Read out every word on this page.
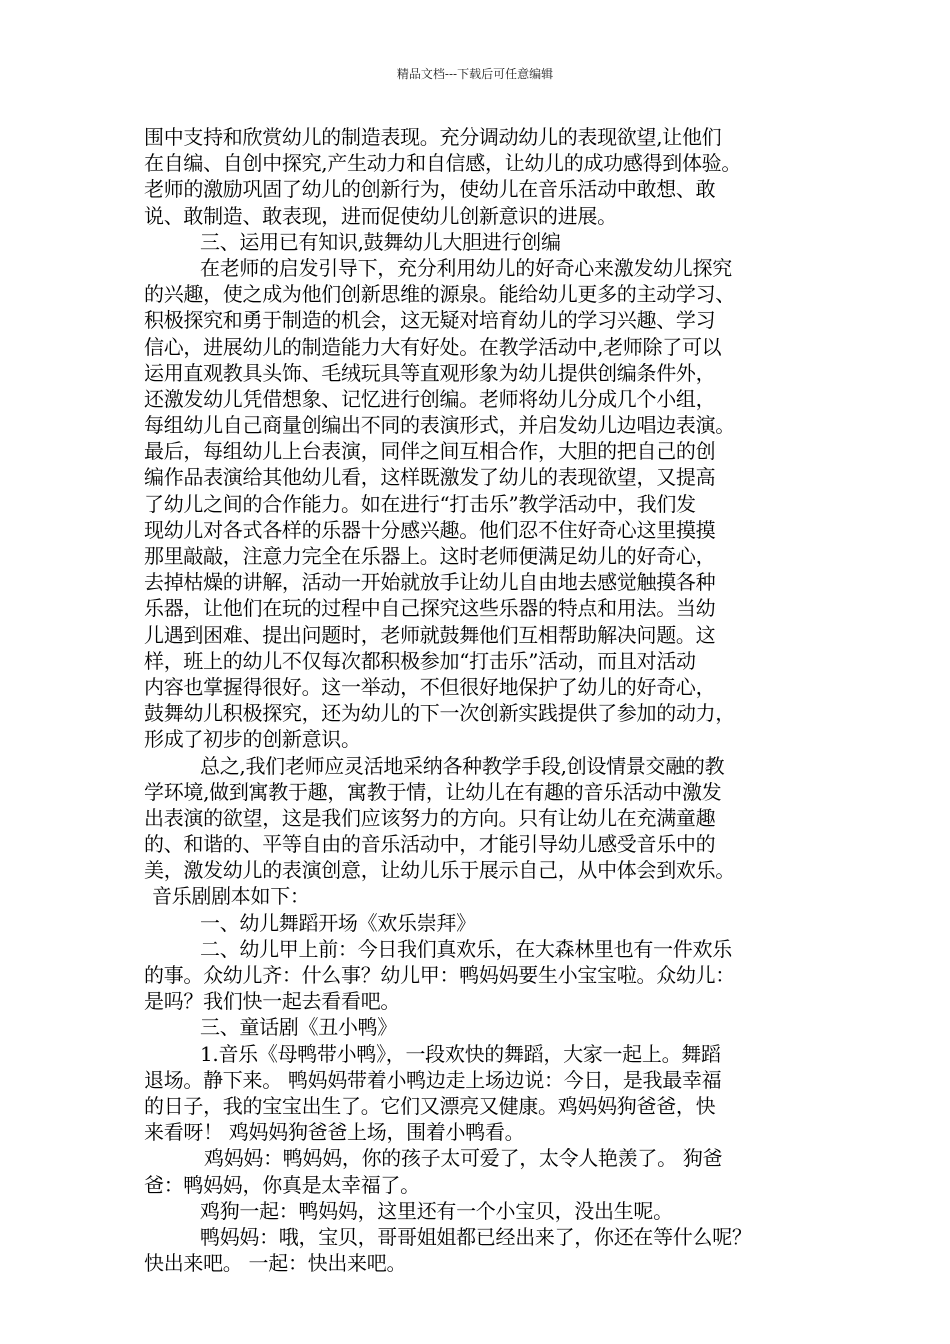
精品文档---下载后可任意编辑
围中支持和欣赏幼儿的制造表现。充分调动幼儿的表现欲望,让他们
在自编、自创中探究,产生动力和自信感，让幼儿的成功感得到体验。
老师的激励巩固了幼儿的创新行为，使幼儿在音乐活动中敢想、敢
说、敢制造、敢表现，进而促使幼儿创新意识的进展。
三、运用已有知识,鼓舞幼儿大胆进行创编
在老师的启发引导下，充分利用幼儿的好奇心来激发幼儿探究
的兴趣，使之成为他们创新思维的源泉。能给幼儿更多的主动学习、
积极探究和勇于制造的机会，这无疑对培育幼儿的学习兴趣、学习
信心，进展幼儿的制造能力大有好处。在教学活动中,老师除了可以
运用直观教具头饰、毛绒玩具等直观形象为幼儿提供创编条件外，
还激发幼儿凭借想象、记忆进行创编。老师将幼儿分成几个小组，
每组幼儿自己商量创编出不同的表演形式，并启发幼儿边唱边表演。
最后，每组幼儿上台表演，同伴之间互相合作，大胆的把自己的创
编作品表演给其他幼儿看，这样既激发了幼儿的表现欲望，又提高
了幼儿之间的合作能力。如在进行“打击乐”教学活动中，我们发
现幼儿对各式各样的乐器十分感兴趣。他们忍不住好奇心这里摸摸
那里敲敲，注意力完全在乐器上。这时老师便满足幼儿的好奇心，
去掉枯燥的讲解，活动一开始就放手让幼儿自由地去感觉触摸各种
乐器，让他们在玩的过程中自己探究这些乐器的特点和用法。当幼
儿遇到困难、提出问题时，老师就鼓舞他们互相帮助解决问题。这
样，班上的幼儿不仅每次都积极参加“打击乐”活动，而且对活动
内容也掌握得很好。这一举动，不但很好地保护了幼儿的好奇心，
鼓舞幼儿积极探究，还为幼儿的下一次创新实践提供了参加的动力，
形成了初步的创新意识。
总之,我们老师应灵活地采纳各种教学手段,创设情景交融的教
学环境,做到寓教于趣，寓教于情，让幼儿在有趣的音乐活动中激发
出表演的欲望，这是我们应该努力的方向。只有让幼儿在充满童趣
的、和谐的、平等自由的音乐活动中，才能引导幼儿感受音乐中的
美，激发幼儿的表演创意，让幼儿乐于展示自己，从中体会到欢乐。
音乐剧剧本如下：
一、幼儿舞蹈开场《欢乐崇拜》
二、幼儿甲上前：今日我们真欢乐，在大森林里也有一件欢乐
的事。众幼儿齐：什么事？幼儿甲：鸭妈妈要生小宝宝啦。众幼儿：
是吗？我们快一起去看看吧。
三、童话剧《丑小鸭》
1.音乐《母鸭带小鸭》，一段欢快的舞蹈，大家一起上。舞蹈
退场。静下来。 鸭妈妈带着小鸭边走上场边说：今日，是我最幸福
的日子，我的宝宝出生了。它们又漂亮又健康。鸡妈妈狗爸爸，快
来看呀！ 鸡妈妈狗爸爸上场，围着小鸭看。
鸡妈妈：鸭妈妈，你的孩子太可爱了，太令人艳羡了。 狗爸
爸：鸭妈妈，你真是太幸福了。
鸡狗一起：鸭妈妈，这里还有一个小宝贝，没出生呢。
鸭妈妈：哦，宝贝，哥哥姐姐都已经出来了，你还在等什么呢？
快出来吧。 一起：快出来吧。
